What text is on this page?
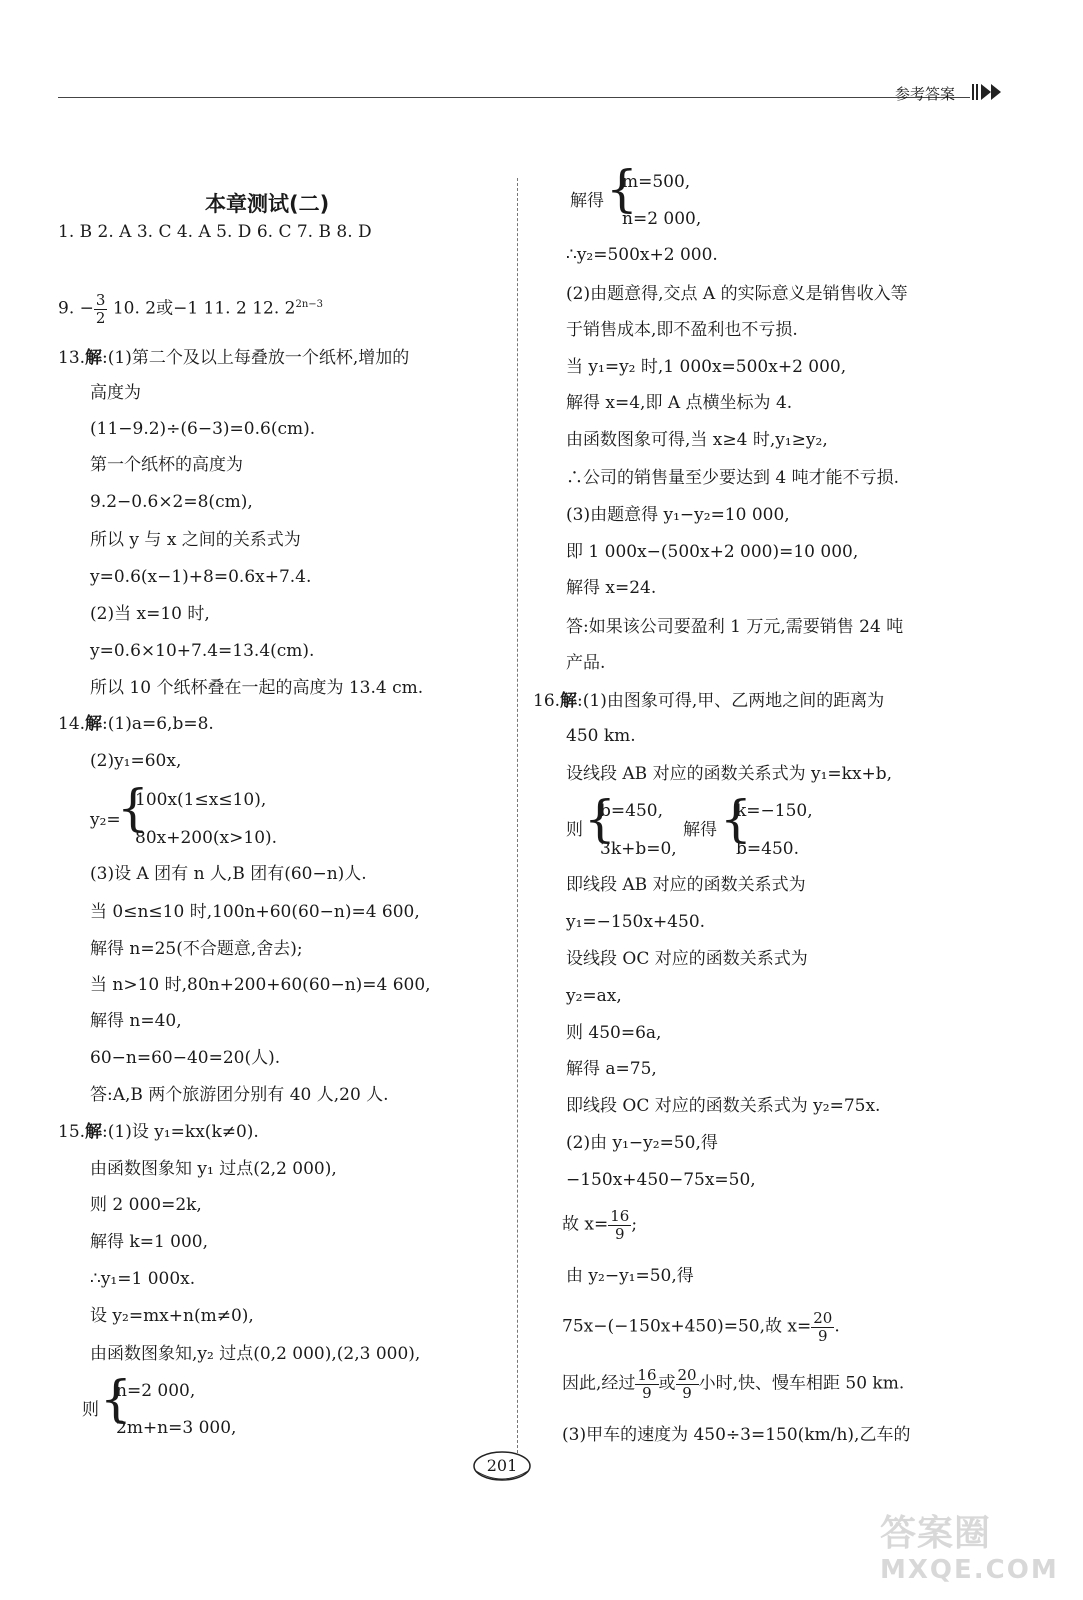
参考答案
本章测试(二)
1. B 2. A 3. C 4. A 5. D 6. C 7. B 8. D
9. − $\frac{3}{2} 10$. 2或−1 11. 2 12. $2^{2n-3}$
13.解:(1)第二个及以上每叠放一个纸杯,增加的
高度为
(11−9.2)÷(6−3)=0.6(cm).
第一个纸杯的高度为
9.2−0.6×2=8(cm),
所以 y 与 x 之间的关系式为
y=0.6(x−1)+8=0.6x+7.4.
(2)当 x=10 时,
y=0.6×10+7.4=13.4(cm).
所以 10 个纸杯叠在一起的高度为 13.4 cm.
14.解:(1)a=6,b=8.
(2)y₁=60x,
y₂=
{
100x(1≤x≤10),
80x+200(x>10).
(3)设 A 团有 n 人,B 团有(60−n)人.
当 0≤n≤10 时,100n+60(60−n)=4 600,
解得 n=25(不合题意,舍去);
当 n>10 时,80n+200+60(60−n)=4 600,
解得 n=40,
60−n=60−40=20(人).
答:A,B 两个旅游团分别有 40 人,20 人.
15.解:(1)设 y₁=kx(k≠0).
由函数图象知 y₁ 过点(2,2 000),
则 2 000=2k,
解得 k=1 000,
∴y₁=1 000x.
设 y₂=mx+n(m≠0),
由函数图象知,y₂ 过点(0,2 000),(2,3 000),
则 {
n=2 000,
2m+n=3 000,
解得 {
m=500,
n=2 000,
∴y₂=500x+2 000.
(2)由题意得,交点 A 的实际意义是销售收入等
于销售成本,即不盈利也不亏损.
当 y₁=y₂ 时,1 000x=500x+2 000,
解得 x=4,即 A 点横坐标为 4.
由函数图象可得,当 x≥4 时,y₁≥y₂,
∴公司的销售量至少要达到 4 吨才能不亏损.
(3)由题意得 y₁−y₂=10 000,
即 1 000x−(500x+2 000)=10 000,
解得 x=24.
答:如果该公司要盈利 1 万元,需要销售 24 吨
产品.
16.解:(1)由图象可得,甲、乙两地之间的距离为
450 km.
设线段 AB 对应的函数关系式为 y₁=kx+b,
则 {
b=450,
3k+b=0,
解得 {
k=−150,
b=450.
即线段 AB 对应的函数关系式为
y₁=−150x+450.
设线段 OC 对应的函数关系式为
y₂=ax,
则 450=6a,
解得 a=75,
即线段 OC 对应的函数关系式为 y₂=75x.
(2)由 y₁−y₂=50,得
−150x+450−75x=50,
故 $x= \frac{16}{9}$ ;
由 y₂−y₁=50,得
75x−(−150x+450)=50,故 $x= \frac{20}{9}$ .
因此,经过 $\frac{16}{9}$ 或 $\frac{20}{9}$ 小时,快、慢车相距 50 km.
(3)甲车的速度为 450÷3=150(km/h),乙车的
201
答案圈
MXQE.COM
